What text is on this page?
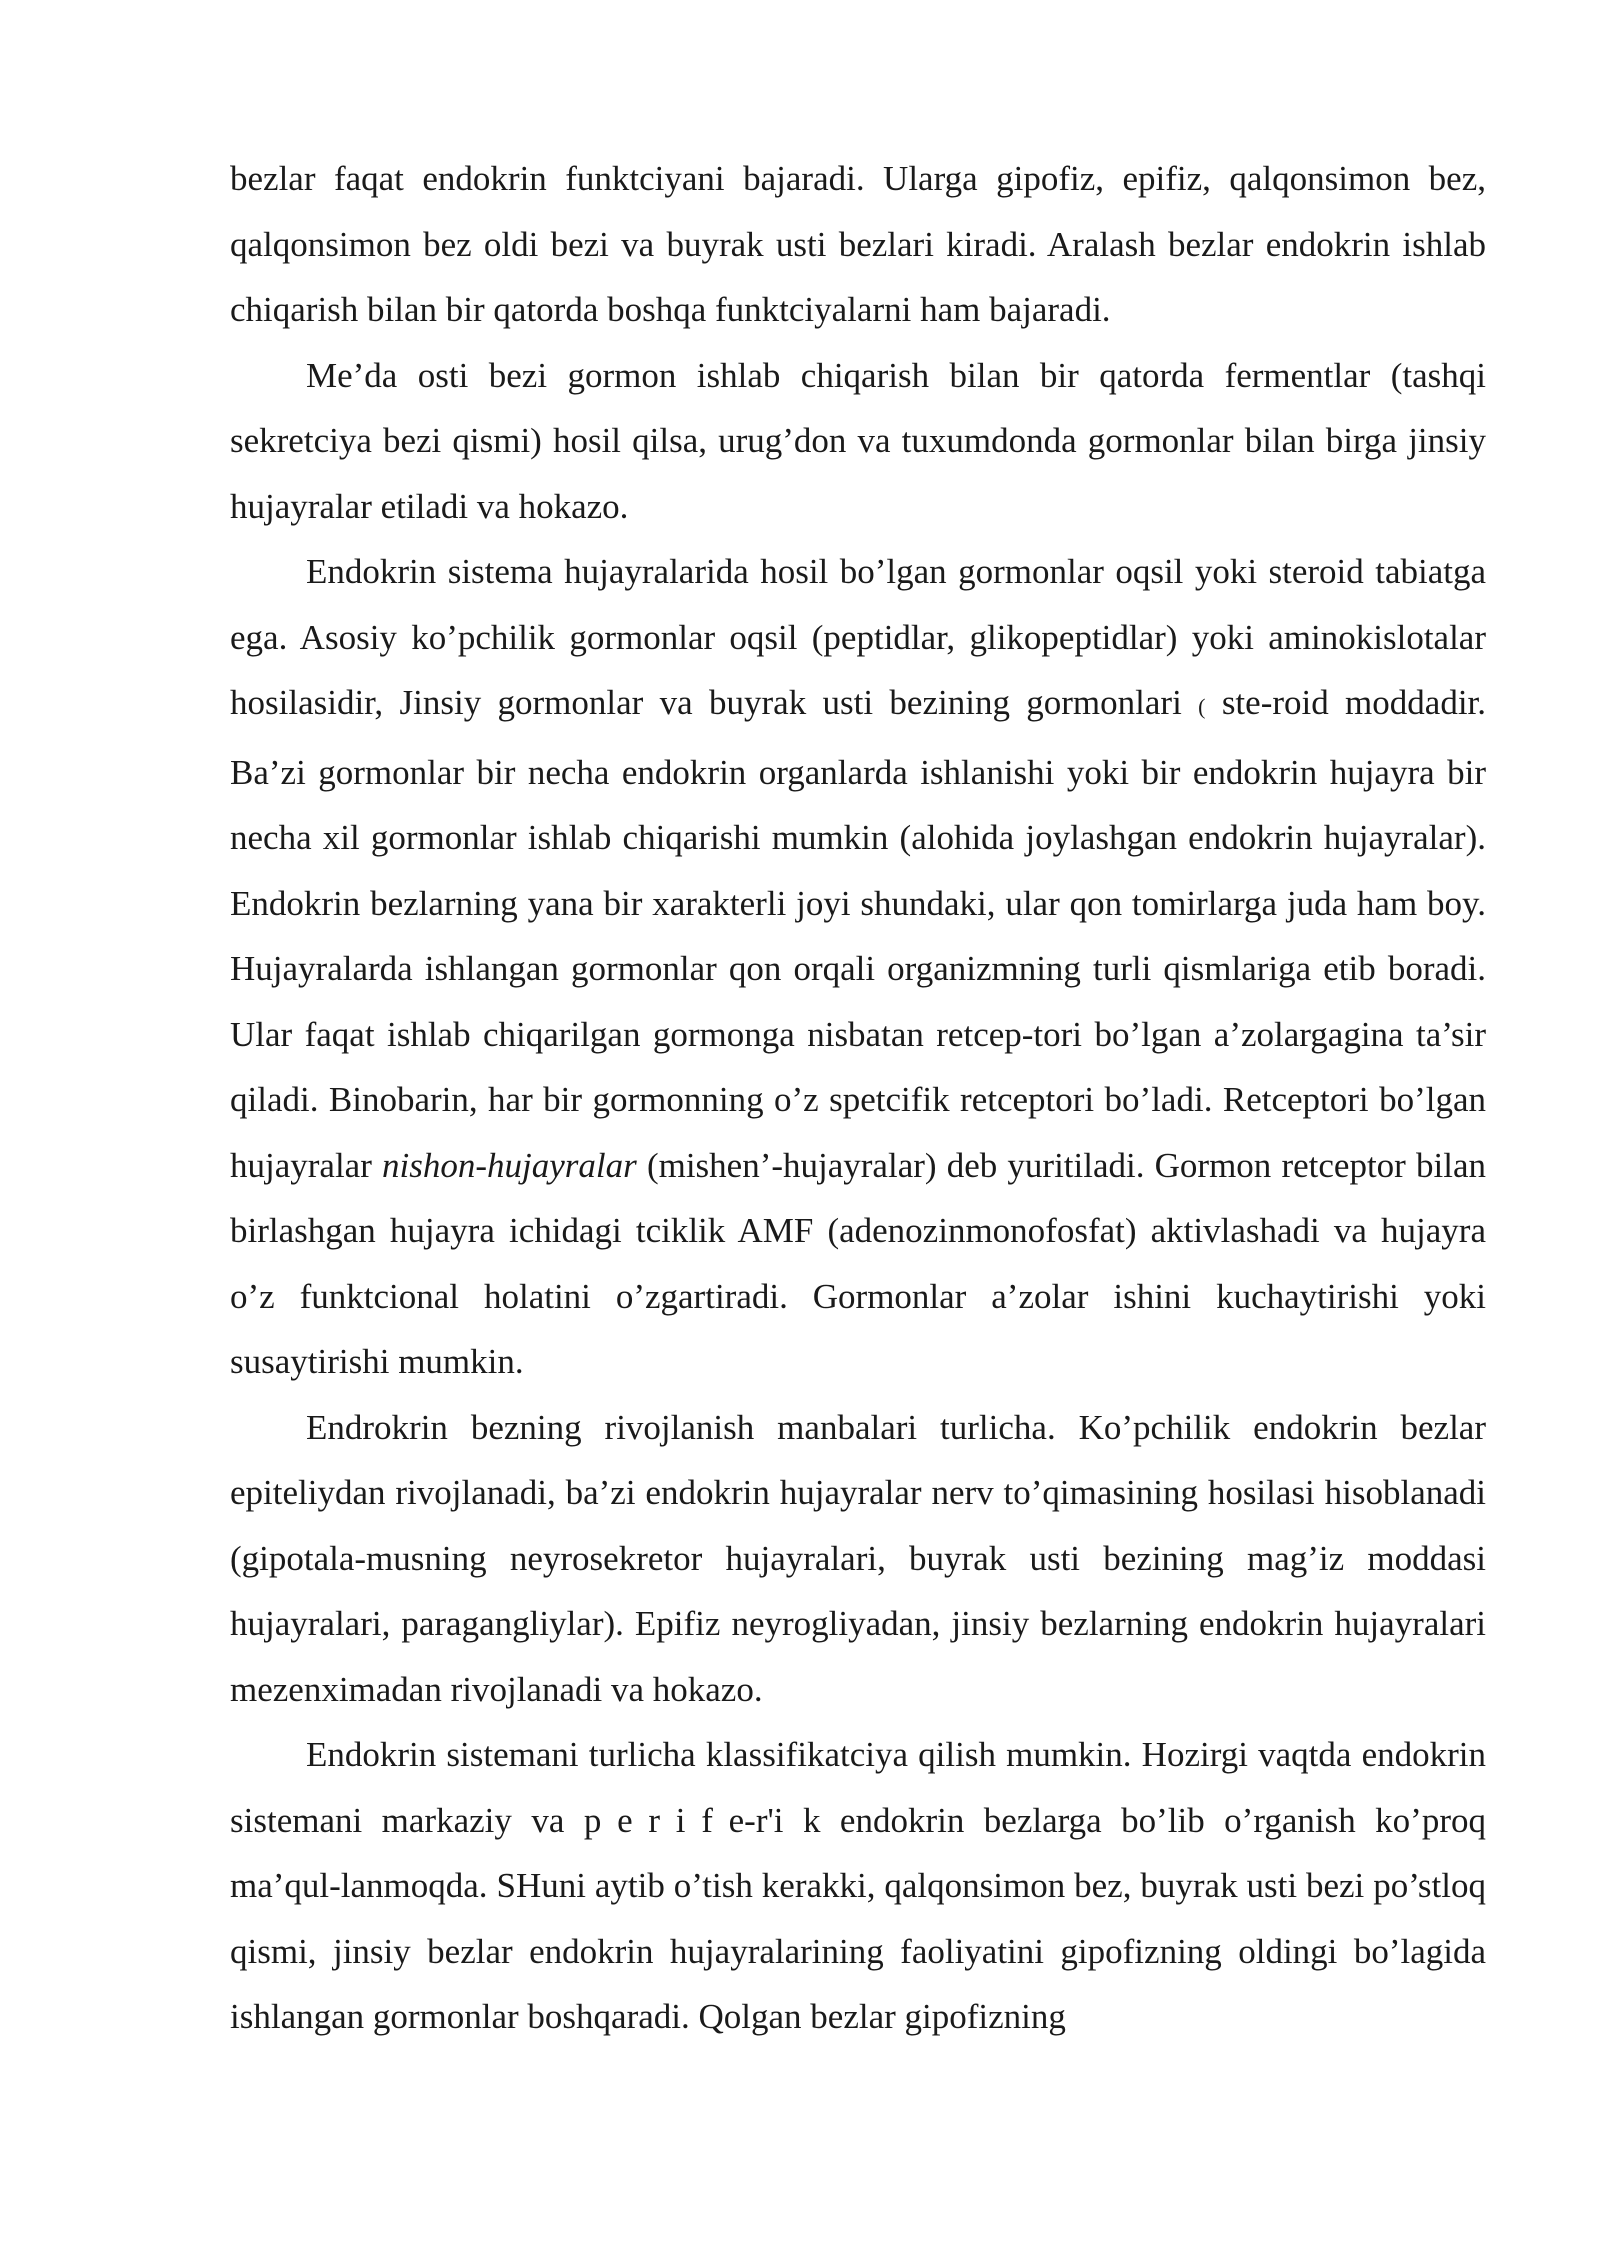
bezlar faqat endokrin funktciyani bajaradi. Ularga gipofiz, epifiz, qalqonsimon bez, qalqonsimon bez oldi bezi va buyrak usti bezlari kiradi. Aralash bezlar endokrin ishlab chiqarish bilan bir qatorda boshqa funktciyalarni ham bajaradi.

Me’da osti bezi gormon ishlab chiqarish bilan bir qatorda fermentlar (tashqi sekretciya bezi qismi) hosil qilsa, urug’don va tuxumdonda gormonlar bilan birga jinsiy hujayralar etiladi va hokazo.

Endokrin sistema hujayralarida hosil bo’lgan gormonlar oqsil yoki steroid tabiatga ega. Asosiy ko’pchilik gormonlar oqsil (peptidlar, glikopeptidlar) yoki aminokislotalar hosilasidir, Jinsiy gormonlar va buyrak usti bezining gormonlari ( ste-roid moddadir. Ba’zi gormonlar bir necha endokrin organlarda ishlanishi yoki bir endokrin hujayra bir necha xil gormonlar ishlab chiqarishi mumkin (alohida joylashgan endokrin hujayralar). Endokrin bezlarning yana bir xarakterli joyi shundaki, ular qon tomirlarga juda ham boy. Hujayralarda ishlangan gormonlar qon orqali organizmning turli qismlariga etib boradi. Ular faqat ishlab chiqarilgan gormonga nisbatan retcep-tori bo’lgan a’zolargagina ta’sir qiladi. Binobarin, har bir gormonning o’z spetcifik retceptori bo’ladi. Retceptori bo’lgan hujayralar nishon-hujayralar (mishen’-hujayralar) deb yuritiladi. Gormon retceptor bilan birlashgan hujayra ichidagi tciklik AMF (adenozinmonofosfat) aktivlashadi va hujayra o’z funktcional holatini o’zgartiradi. Gormonlar a’zolar ishini kuchaytirishi yoki susaytirishi mumkin.

Endrokrin bezning rivojlanish manbalari turlicha. Ko’pchilik endokrin bezlar epiteliydan rivojlanadi, ba’zi endokrin hujayralar nerv to’qimasining hosilasi hisoblanadi (gipotala-musning neyrosekretor hujayralari, buyrak usti bezining mag’iz moddasi hujayralari, paragangliylar). Epifiz neyrogliyadan, jinsiy bezlarning endokrin hujayralari mezenximadan rivojlanadi va hokazo.

Endokrin sistemani turlicha klassifikatciya qilish mumkin. Hozirgi vaqtda endokrin sistemani markaziy va perife-r'i k endokrin bezlarga bo’lib o’rganish ko’proq ma’qul-lanmoqda. SHuni aytib o’tish kerakki, qalqonsimon bez, buyrak usti bezi po’stloq qismi, jinsiy bezlar endokrin hujayralarining faoliyatini gipofizning oldingi bo’lagida ishlangan gormonlar boshqaradi. Qolgan bezlar gipofizning
